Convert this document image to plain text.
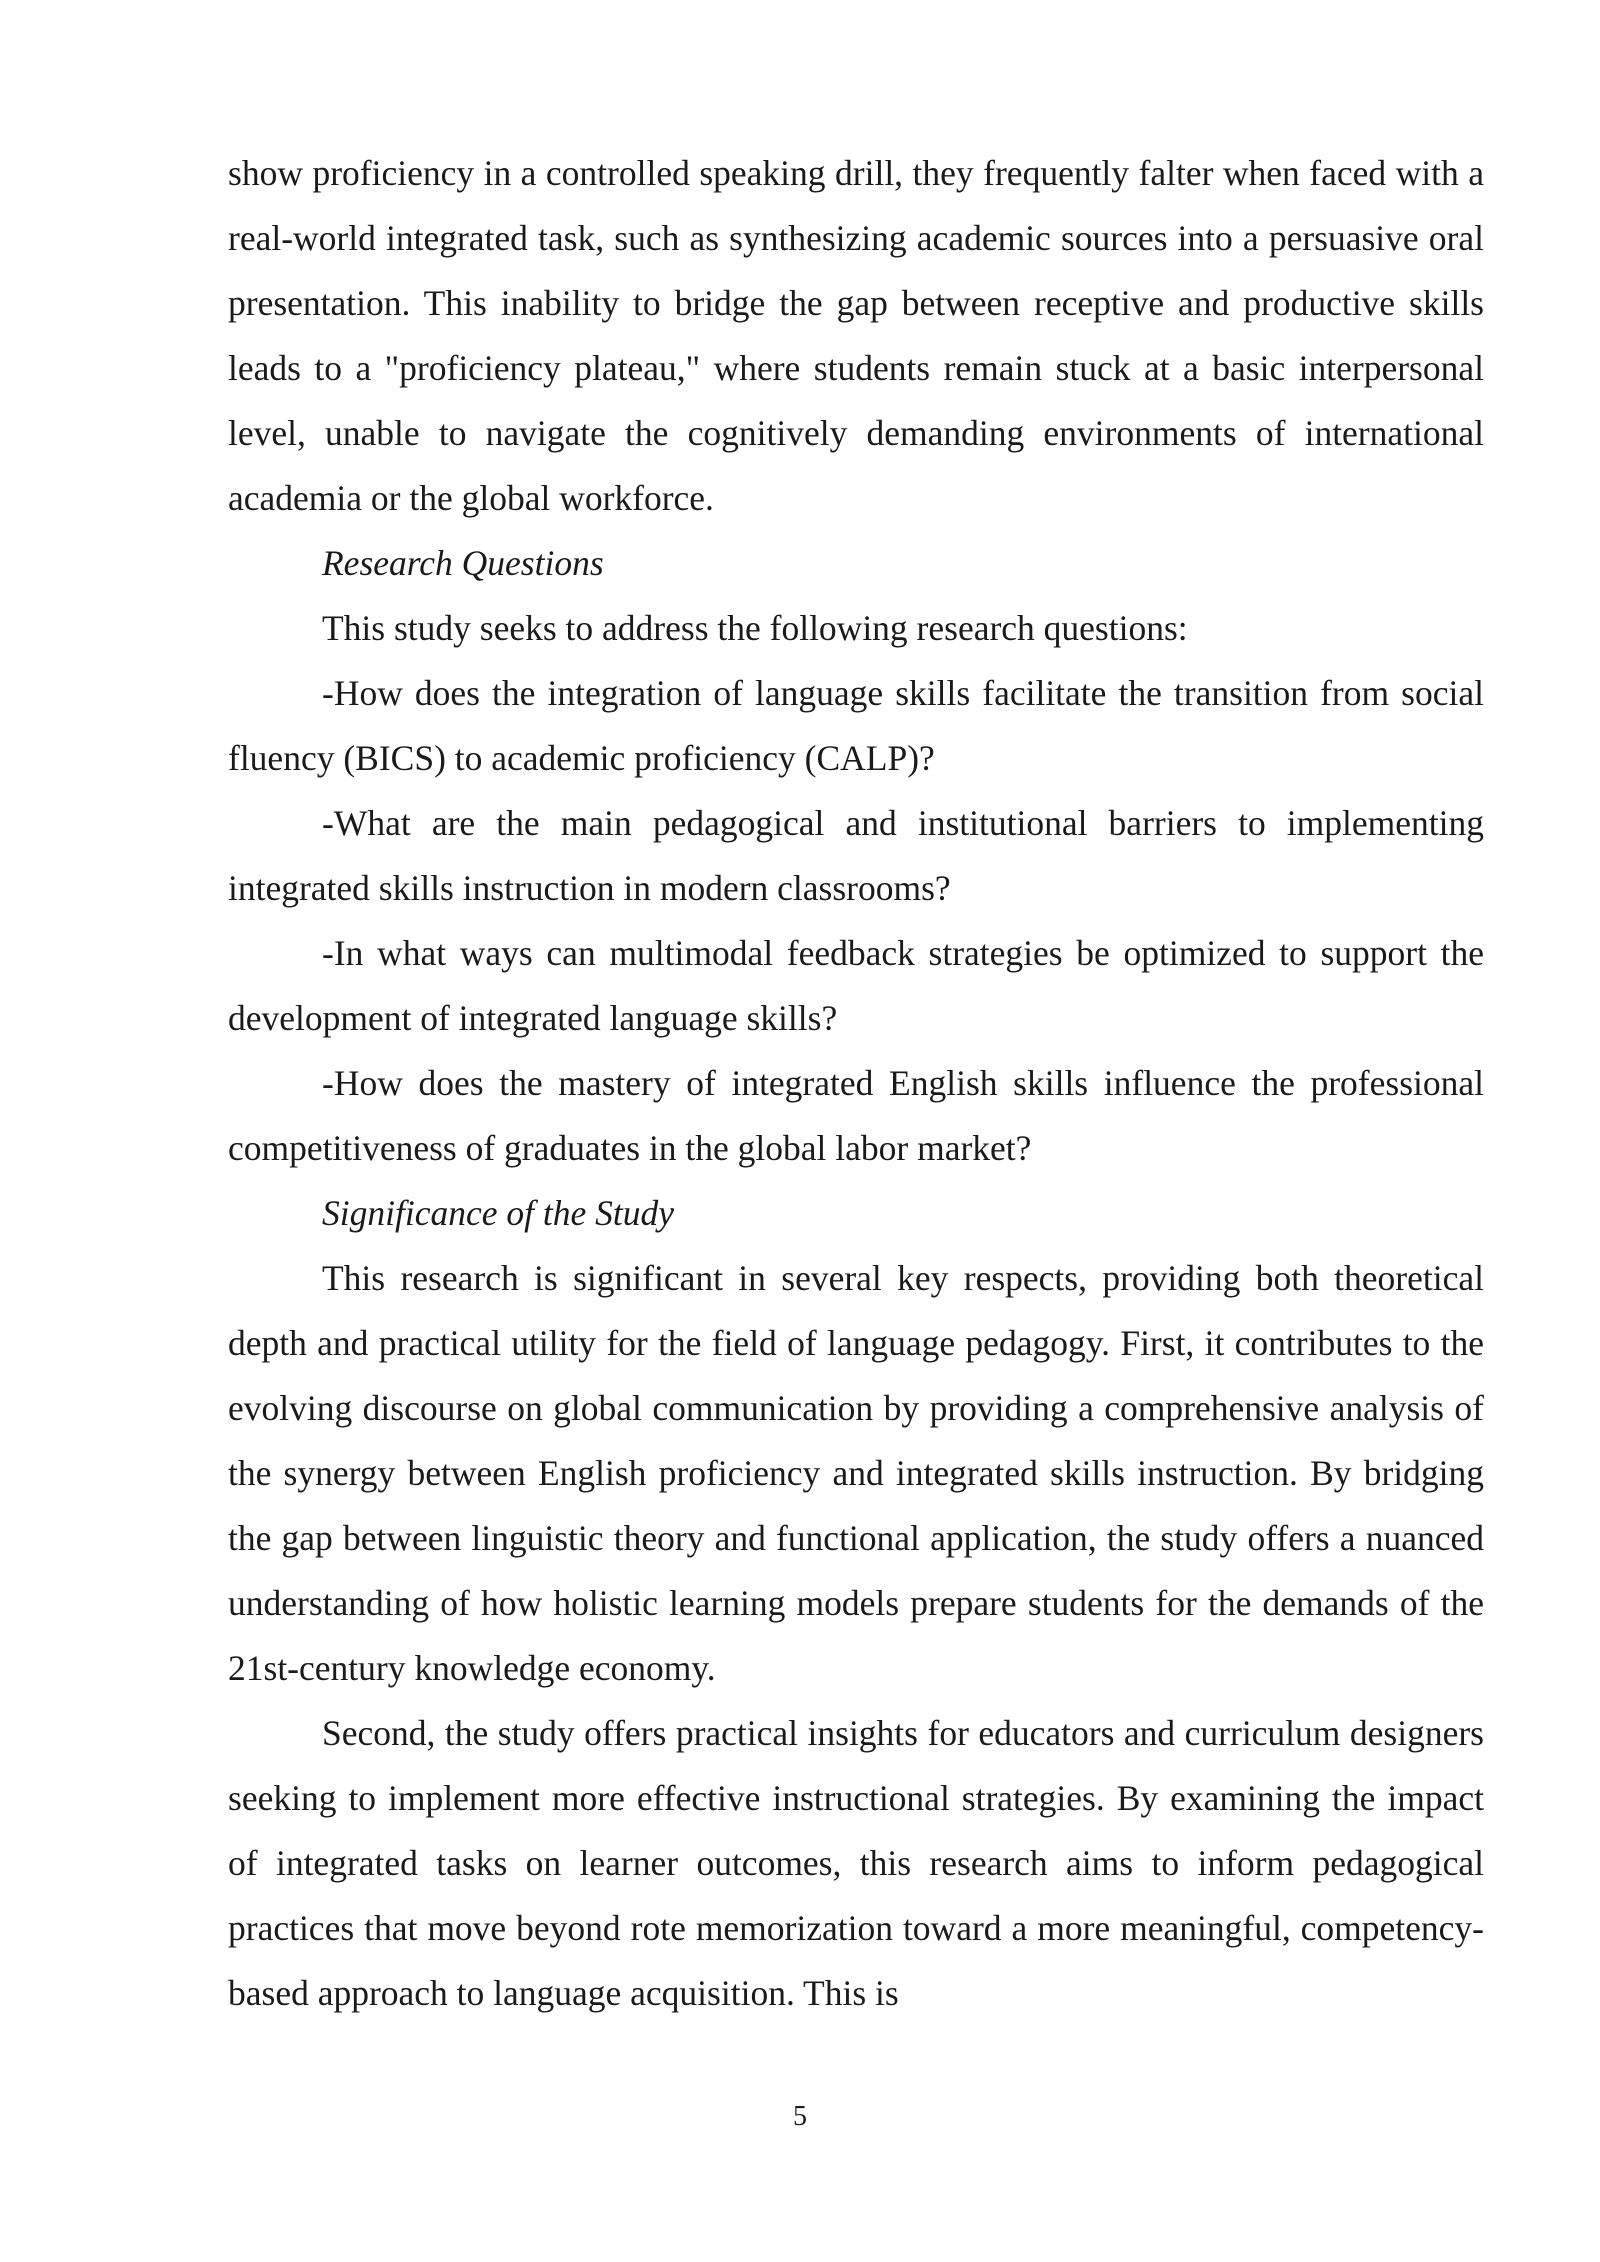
show proficiency in a controlled speaking drill, they frequently falter when faced with a real-world integrated task, such as synthesizing academic sources into a persuasive oral presentation. This inability to bridge the gap between receptive and productive skills leads to a "proficiency plateau," where students remain stuck at a basic interpersonal level, unable to navigate the cognitively demanding environments of international academia or the global workforce.

Research Questions

This study seeks to address the following research questions:

-How does the integration of language skills facilitate the transition from social fluency (BICS) to academic proficiency (CALP)?

-What are the main pedagogical and institutional barriers to implementing integrated skills instruction in modern classrooms?

-In what ways can multimodal feedback strategies be optimized to support the development of integrated language skills?

-How does the mastery of integrated English skills influence the professional competitiveness of graduates in the global labor market?

Significance of the Study

This research is significant in several key respects, providing both theoretical depth and practical utility for the field of language pedagogy. First, it contributes to the evolving discourse on global communication by providing a comprehensive analysis of the synergy between English proficiency and integrated skills instruction. By bridging the gap between linguistic theory and functional application, the study offers a nuanced understanding of how holistic learning models prepare students for the demands of the 21st-century knowledge economy.

Second, the study offers practical insights for educators and curriculum designers seeking to implement more effective instructional strategies. By examining the impact of integrated tasks on learner outcomes, this research aims to inform pedagogical practices that move beyond rote memorization toward a more meaningful, competency-based approach to language acquisition. This is

5
